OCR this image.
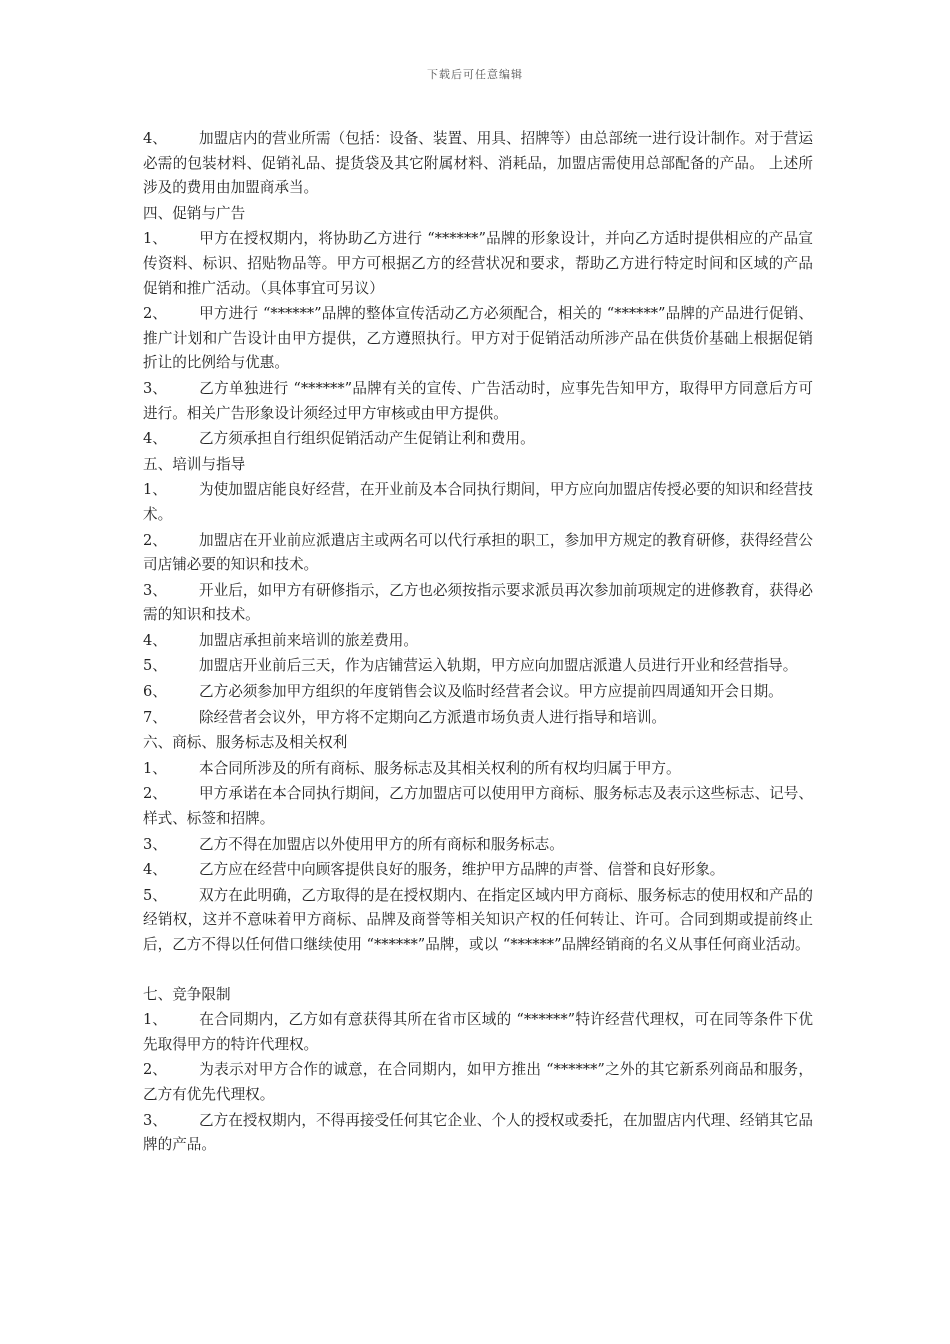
下载后可任意编辑
4、 加盟店内的营业所需（包括：设备、装置、用具、招牌等）由总部统一进行设计制作。对于营运必需的包装材料、促销礼品、提货袋及其它附属材料、消耗品，加盟店需使用总部配备的产品。 上述所涉及的费用由加盟商承当。
四、促销与广告
1、 甲方在授权期内，将协助乙方进行 “******”品牌的形象设计，并向乙方适时提供相应的产品宣传资料、标识、招贴物品等。甲方可根据乙方的经营状况和要求，帮助乙方进行特定时间和区域的产品促销和推广活动。（具体事宜可另议）
2、 甲方进行 “******”品牌的整体宣传活动乙方必须配合，相关的 “******”品牌的产品进行促销、推广计划和广告设计由甲方提供，乙方遵照执行。甲方对于促销活动所涉产品在供货价基础上根据促销折让的比例给与优惠。
3、 乙方单独进行 “******”品牌有关的宣传、广告活动时，应事先告知甲方，取得甲方同意后方可进行。相关广告形象设计须经过甲方审核或由甲方提供。
4、 乙方须承担自行组织促销活动产生促销让利和费用。
五、培训与指导
1、 为使加盟店能良好经营，在开业前及本合同执行期间，甲方应向加盟店传授必要的知识和经营技术。
2、 加盟店在开业前应派遣店主或两名可以代行承担的职工，参加甲方规定的教育研修，获得经营公司店铺必要的知识和技术。
3、 开业后，如甲方有研修指示，乙方也必须按指示要求派员再次参加前项规定的进修教育，获得必需的知识和技术。
4、 加盟店承担前来培训的旅差费用。
5、 加盟店开业前后三天，作为店铺营运入轨期，甲方应向加盟店派遣人员进行开业和经营指导。
6、 乙方必须参加甲方组织的年度销售会议及临时经营者会议。甲方应提前四周通知开会日期。
7、 除经营者会议外，甲方将不定期向乙方派遣市场负责人进行指导和培训。
六、商标、服务标志及相关权利
1、 本合同所涉及的所有商标、服务标志及其相关权利的所有权均归属于甲方。
2、 甲方承诺在本合同执行期间，乙方加盟店可以使用甲方商标、服务标志及表示这些标志、记号、样式、标签和招牌。
3、 乙方不得在加盟店以外使用甲方的所有商标和服务标志。
4、 乙方应在经营中向顾客提供良好的服务，维护甲方品牌的声誉、信誉和良好形象。
5、 双方在此明确，乙方取得的是在授权期内、在指定区域内甲方商标、服务标志的使用权和产品的经销权，这并不意味着甲方商标、品牌及商誉等相关知识产权的任何转让、许可。合同到期或提前终止后，乙方不得以任何借口继续使用 “******”品牌，或以 “******”品牌经销商的名义从事任何商业活动。
七、竞争限制
1、 在合同期内，乙方如有意获得其所在省市区域的 “******”特许经营代理权，可在同等条件下优先取得甲方的特许代理权。
2、 为表示对甲方合作的诚意，在合同期内，如甲方推出 “******”之外的其它新系列商品和服务，乙方有优先代理权。
3、 乙方在授权期内，不得再接受任何其它企业、个人的授权或委托，在加盟店内代理、经销其它品牌的产品。
